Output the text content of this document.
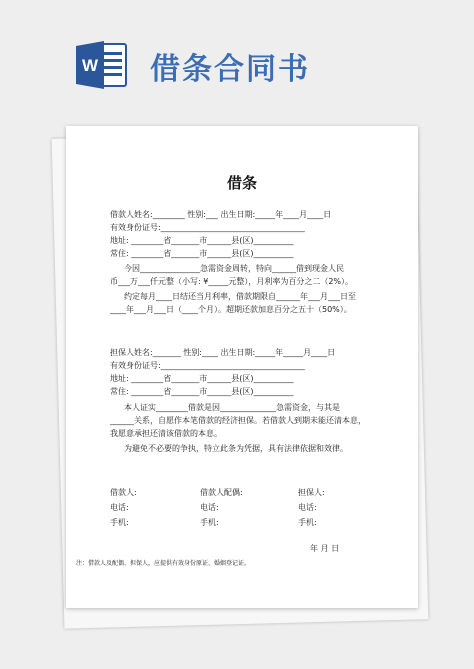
W 借条合同书
借条
借款人姓名:________ 性别:___ 出生日期:_____年____月____日
有效身份证号:____________________________________
地址: ________省_______市______县(区)__________
常住: ________省_______市______县(区)__________
今因_______________急需资金周转，特向______借到现金人民
币___万___仟元整（小写: ¥_____元整），月利率为百分之二（2%）。
约定每月____日结还当月利率，借款期限自______年___月___日至
____年___月___日（____个月）。超期还款加息百分之五十（50%）。
担保人姓名:_______ 性别:____ 出生日期:_____年_____月____日
有效身份证号:____________________________________
地址: ________省_______市______县(区)__________
常住: ________省_______市______县(区)__________
本人证实________借款是因______________急需资金，与其是
______关系，自愿作本笔借款的经济担保。若借款人到期未能还清本息，
我愿意承担还清该借款的本息。
为避免不必要的争执，特立此条为凭据，具有法律依据和效律。
借款人:	借款人配偶:	担保人:
电话:	电话:	电话:
手机:	手机:	手机:
年 月 日
注：借款人及配偶、担保人，应提供有效身份原证、婚姻登记证。
